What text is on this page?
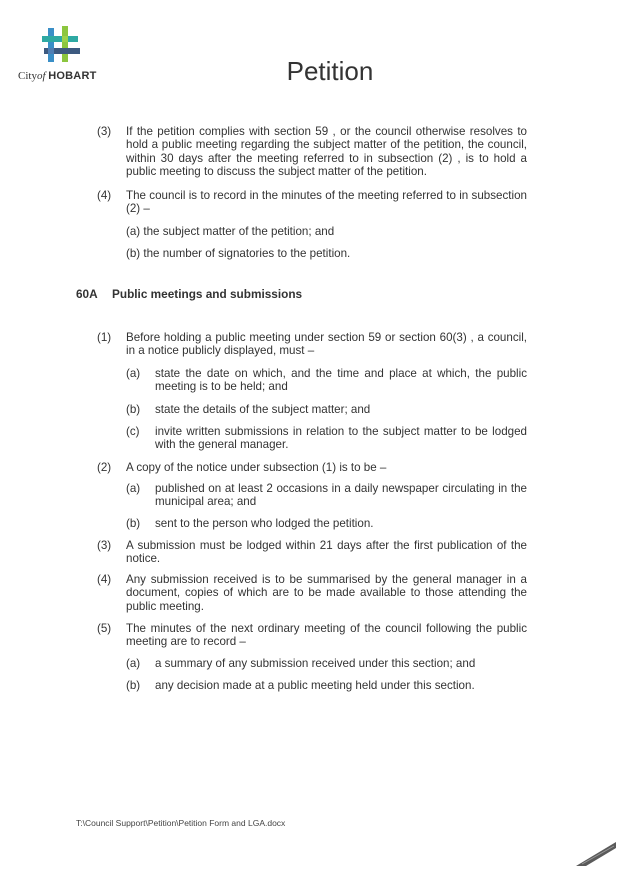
Cityof HOBART	Petition
(3) If the petition complies with section 59 , or the council otherwise resolves to hold a public meeting regarding the subject matter of the petition, the council, within 30 days after the meeting referred to in subsection (2) , is to hold a public meeting to discuss the subject matter of the petition.
(4) The council is to record in the minutes of the meeting referred to in subsection (2) –
(a) the subject matter of the petition; and
(b) the number of signatories to the petition.
60A Public meetings and submissions
(1) Before holding a public meeting under section 59 or section 60(3) , a council, in a notice publicly displayed, must –
(a) state the date on which, and the time and place at which, the public meeting is to be held; and
(b) state the details of the subject matter; and
(c) invite written submissions in relation to the subject matter to be lodged with the general manager.
(2) A copy of the notice under subsection (1) is to be –
(a) published on at least 2 occasions in a daily newspaper circulating in the municipal area; and
(b) sent to the person who lodged the petition.
(3) A submission must be lodged within 21 days after the first publication of the notice.
(4) Any submission received is to be summarised by the general manager in a document, copies of which are to be made available to those attending the public meeting.
(5) The minutes of the next ordinary meeting of the council following the public meeting are to record –
(a) a summary of any submission received under this section; and
(b) any decision made at a public meeting held under this section.
T:\Council Support\Petition\Petition Form and LGA.docx
